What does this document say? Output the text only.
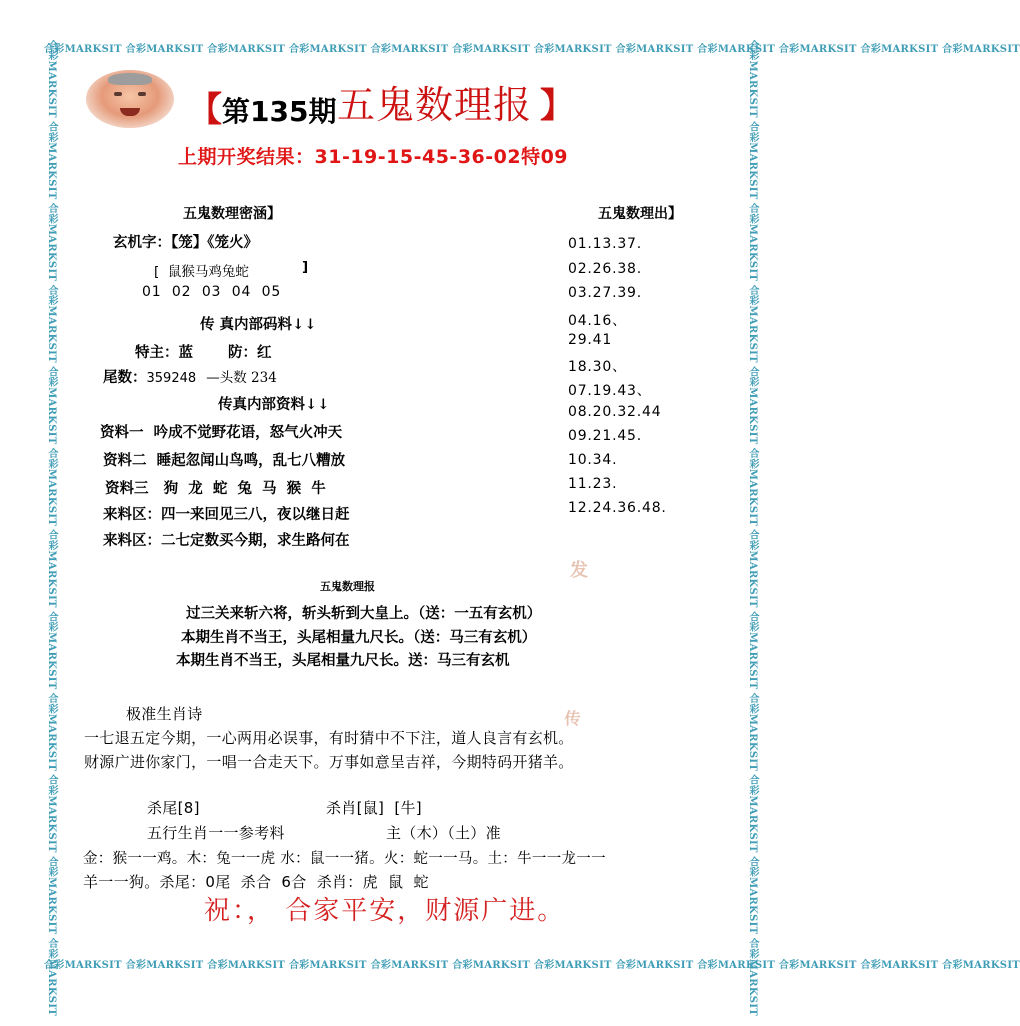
合彩MARKSIT 合彩MARKSIT 合彩MARKSIT 合彩MARKSIT 合彩MARKSIT 合彩MARKSIT 合彩MARKSIT 合彩MARKSIT 合彩MARKSIT 合彩MARKSIT 合彩MARKSIT 合彩MARKSIT
合彩MARKSIT 合彩MARKSIT 合彩MARKSIT 合彩MARKSIT 合彩MARKSIT 合彩MARKSIT 合彩MARKSIT 合彩MARKSIT 合彩MARKSIT 合彩MARKSIT 合彩MARKSIT 合彩MARKSIT
合彩MARKSIT 合彩MARKSIT 合彩MARKSIT 合彩MARKSIT 合彩MARKSIT 合彩MARKSIT 合彩MARKSIT 合彩MARKSIT 合彩MARKSIT 合彩MARKSIT 合彩MARKSIT 合彩MARKSIT	合彩MARKSIT 合彩MARKSIT 合彩MARKSIT 合彩MARKSIT 合彩MARKSIT 合彩MARKSIT 合彩MARKSIT 合彩MARKSIT 合彩MARKSIT 合彩MARKSIT 合彩MARKSIT 合彩MARKSIT
【第135期 五鬼数理报 】
上期开奖结果：31-19-15-45-36-02特09
五鬼数理密涵】
玄机字：【笼】《笼火》
[ 鼠猴马鸡兔蛇	]
01  02  03  04  05
传 真内部码料↓↓
特主：蓝 防：红
尾数：359248 —头数 234
传真内部资料↓↓
资料一 吟成不觉野花语，怒气火冲天
资料二 睡起忽闻山鸟鸣，乱七八糟放
资料三 狗  龙  蛇  兔  马  猴  牛
来料区：四一来回见三八，夜以继日赶
来料区：二七定数买今期，求生路何在
五鬼数理出】
01.13.37.
02.26.38.
03.27.39.
04.16、
29.41
18.30、
07.19.43、
08.20.32.44
09.21.45.
10.34.
11.23.
12.24.36.48.
发
传
五鬼数理报
过三关来斩六将，斩头斩到大皇上。（送：一五有玄机）
本期生肖不当王，头尾相量九尺长。（送：马三有玄机）
本期生肖不当王，头尾相量九尺长。送：马三有玄机
极准生肖诗
一七退五定今期，一心两用必误事，有时猜中不下注，道人良言有玄机。
财源广进你家门，一唱一合走天下。万事如意呈吉祥，今期特码开猪羊。
杀尾[8]	杀肖[鼠]  [牛]
五行生肖一一参考料	主（木）（土）准
金：猴一一鸡。木：兔一一虎 水：鼠一一猪。火：蛇一一马。土：牛一一龙一一
羊一一狗。杀尾：0尾  杀合  6合  杀肖：虎  鼠  蛇
祝：， 合家平安，财源广进。
